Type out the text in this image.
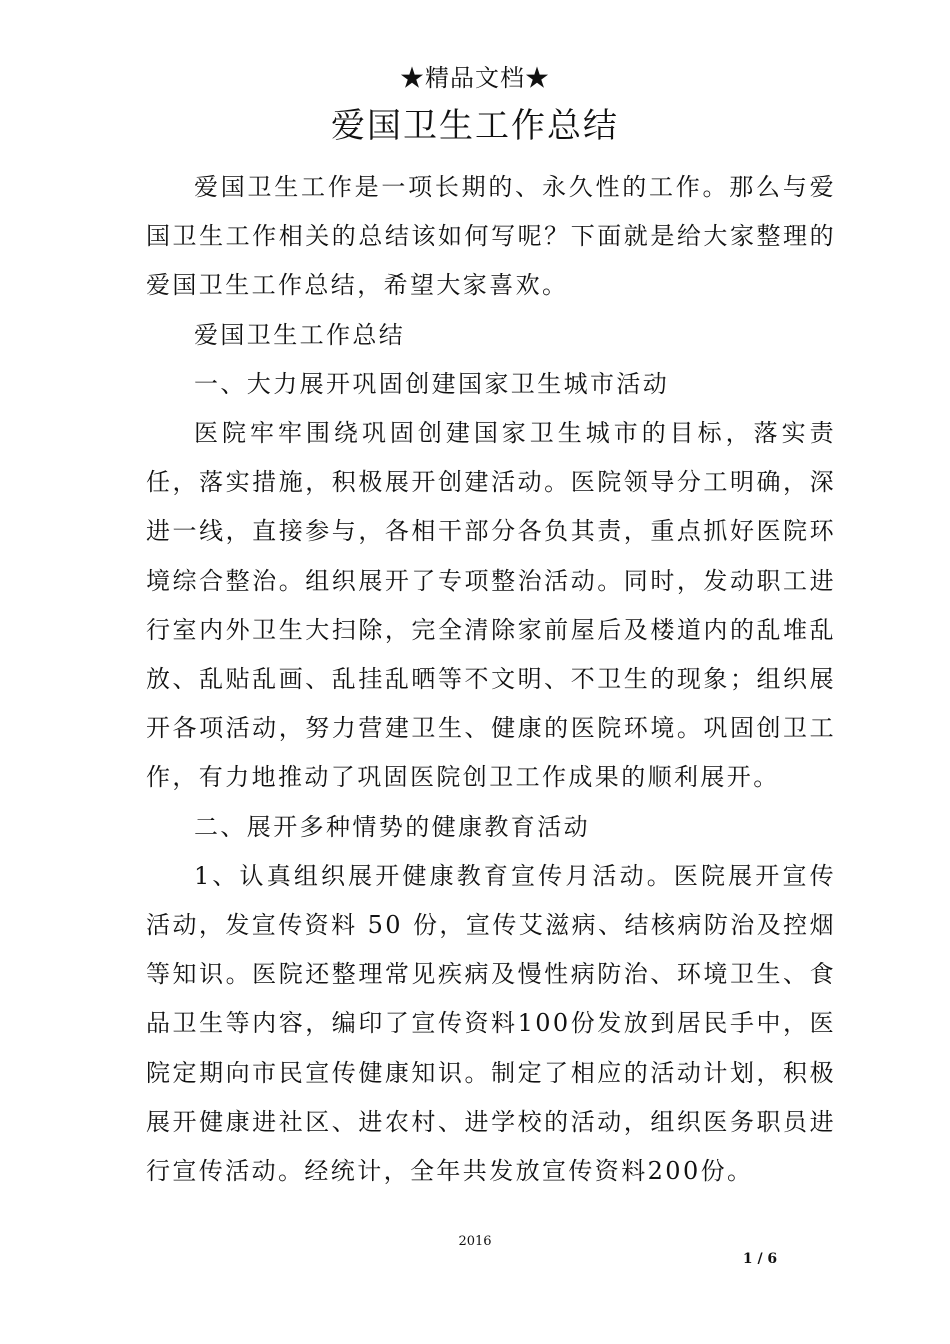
★精品文档★
爱国卫生工作总结

爱国卫生工作是一项长期的、永久性的工作。那么与爱国卫生工作相关的总结该如何写呢？下面就是给大家整理的爱国卫生工作总结，希望大家喜欢。

爱国卫生工作总结

一、大力展开巩固创建国家卫生城市活动

医院牢牢围绕巩固创建国家卫生城市的目标，落实责任，落实措施，积极展开创建活动。医院领导分工明确，深进一线，直接参与，各相干部分各负其责，重点抓好医院环境综合整治。组织展开了专项整治活动。同时，发动职工进行室内外卫生大扫除，完全清除家前屋后及楼道内的乱堆乱放、乱贴乱画、乱挂乱晒等不文明、不卫生的现象；组织展开各项活动，努力营建卫生、健康的医院环境。巩固创卫工作，有力地推动了巩固医院创卫工作成果的顺利展开。

二、展开多种情势的健康教育活动

1、认真组织展开健康教育宣传月活动。医院展开宣传活动，发宣传资料 50 份，宣传艾滋病、结核病防治及控烟等知识。医院还整理常见疾病及慢性病防治、环境卫生、食品卫生等内容，编印了宣传资料100份发放到居民手中，医院定期向市民宣传健康知识。制定了相应的活动计划，积极展开健康进社区、进农村、进学校的活动，组织医务职员进行宣传活动。经统计，全年共发放宣传资料200份。

2016
1 / 6
